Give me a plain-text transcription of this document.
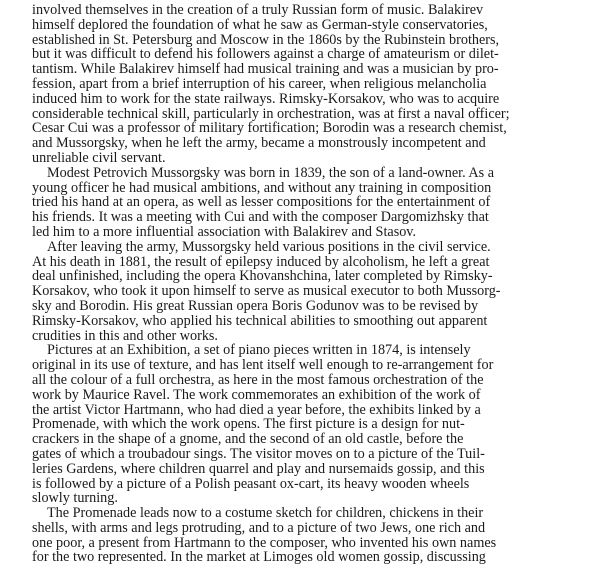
involved themselves in the creation of a truly Russian form of music. Balakirev
himself deplored the foundation of what he saw as German-style conservatories,
established in St. Petersburg and Moscow in the 1860s by the Rubinstein brothers,
but it was difficult to defend his followers against a charge of amateurism or dilet-
tantism. While Balakirev himself had musical training and was a musician by pro-
fession, apart from a brief interruption of his career, when religious melancholia
induced him to work for the state railways. Rimsky-Korsakov, who was to acquire
considerable technical skill, particularly in orchestration, was at first a naval officer;
Cesar Cui was a professor of military fortification; Borodin was a research chemist,
and Mussorgsky, when he left the army, became a monstrously incompetent and
unreliable civil servant.
Modest Petrovich Mussorgsky was born in 1839, the son of a land-owner. As a
young officer he had musical ambitions, and without any training in composition
tried his hand at an opera, as well as lesser compositions for the entertainment of
his friends. It was a meeting with Cui and with the composer Dargomizhsky that
led him to a more influential association with Balakirev and Stasov.
After leaving the army, Mussorgsky held various positions in the civil service.
At his death in 1881, the result of epilepsy induced by alcoholism, he left a great
deal unfinished, including the opera Khovanshchina, later completed by Rimsky-
Korsakov, who took it upon himself to serve as musical executor to both Mussorg-
sky and Borodin. His great Russian opera Boris Godunov was to be revised by
Rimsky-Korsakov, who applied his technical abilities to smoothing out apparent
crudities in this and other works.
Pictures at an Exhibition, a set of piano pieces written in 1874, is intensely
original in its use of texture, and has lent itself well enough to re-arrangement for
all the colour of a full orchestra, as here in the most famous orchestration of the
work by Maurice Ravel. The work commemorates an exhibition of the work of
the artist Victor Hartmann, who had died a year before, the exhibits linked by a
Promenade, with which the work opens. The first picture is a design for nut-
crackers in the shape of a gnome, and the second of an old castle, before the
gates of which a troubadour sings. The visitor moves on to a picture of the Tuil-
leries Gardens, where children quarrel and play and nursemaids gossip, and this
is followed by a picture of a Polish peasant ox-cart, its heavy wooden wheels
slowly turning.
The Promenade leads now to a costume sketch for children, chickens in their
shells, with arms and legs protruding, and to a picture of two Jews, one rich and
one poor, a present from Hartmann to the composer, who invented his own names
for the two represented. In the market at Limoges old women gossip, discussing
